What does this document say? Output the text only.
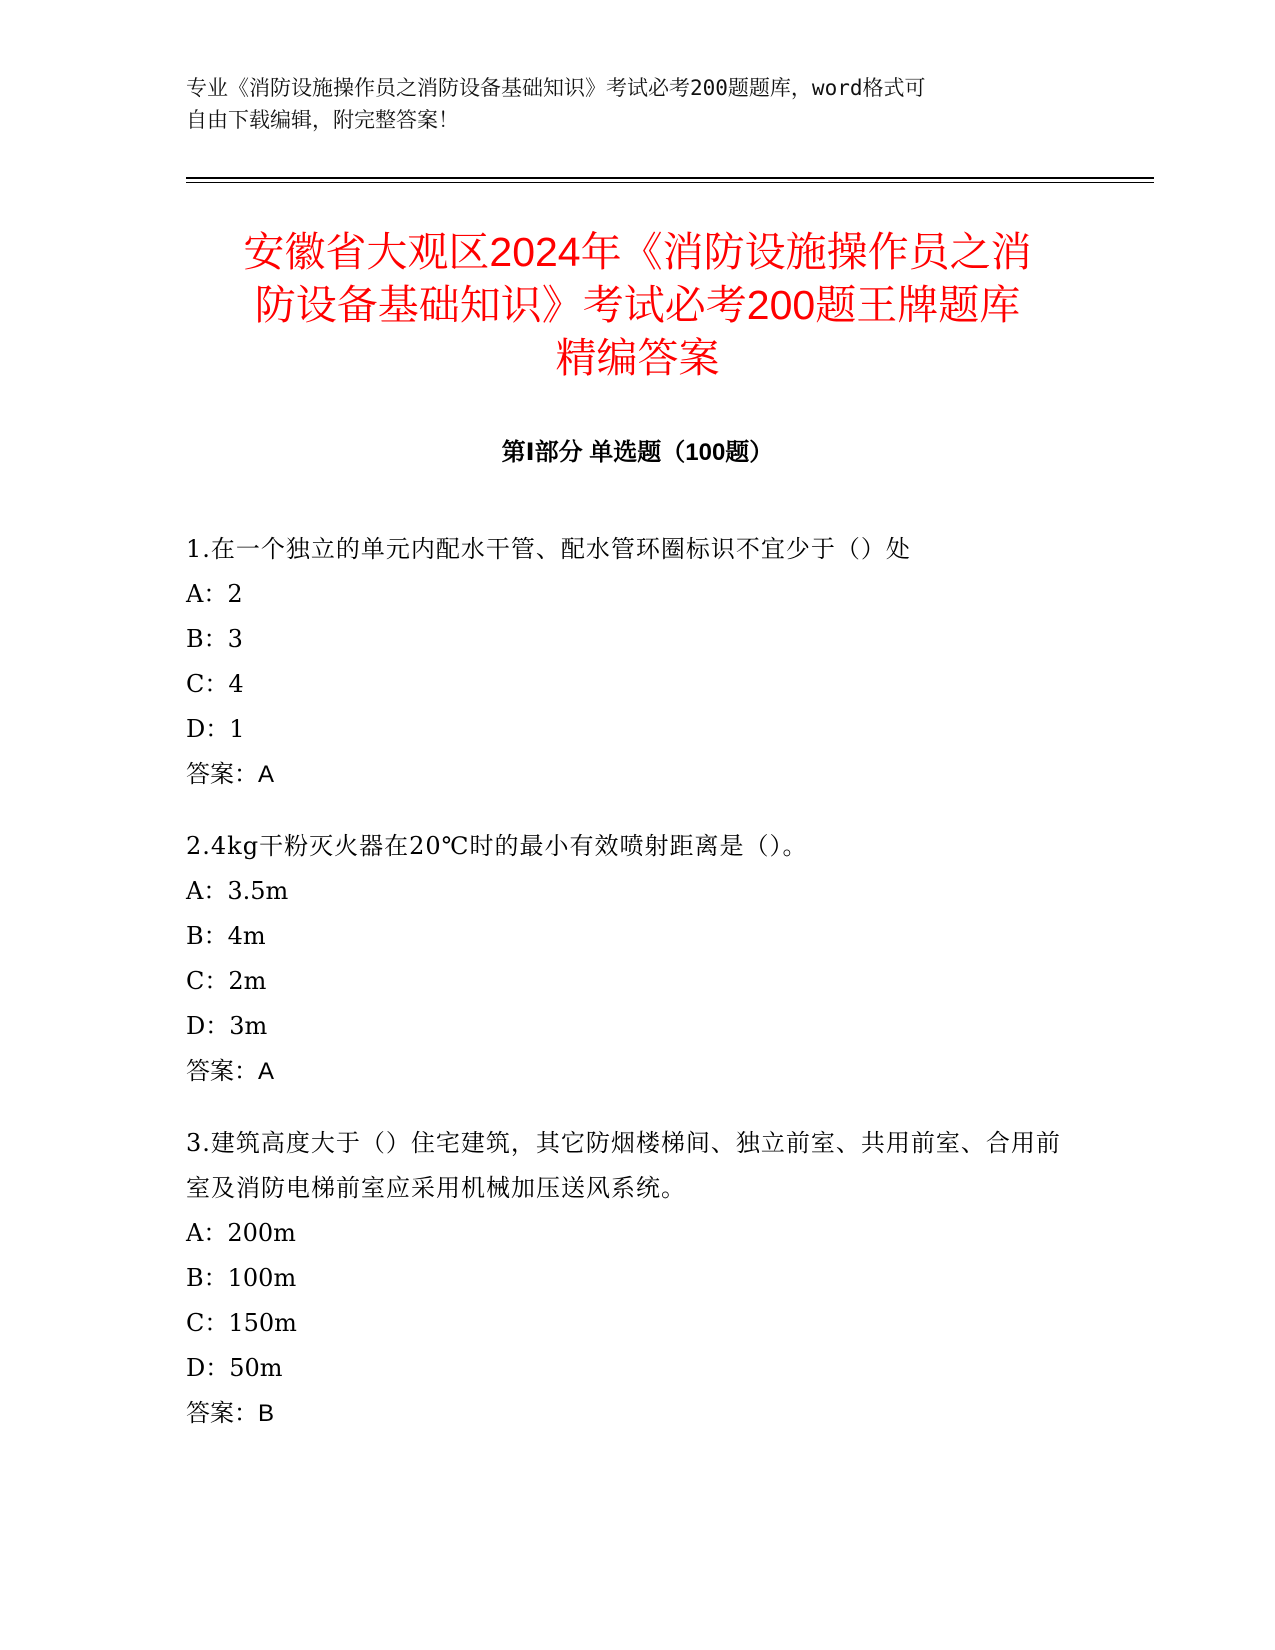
专业《消防设施操作员之消防设备基础知识》考试必考200题题库，word格式可
自由下载编辑，附完整答案！
安徽省大观区2024年《消防设施操作员之消
防设备基础知识》考试必考200题王牌题库
精编答案
第Ⅰ部分 单选题（100题）

1.在一个独立的单元内配水干管、配水管环圈标识不宜少于（）处

A：2

B：3

C：4

D：1

答案：A

2.4kg干粉灭火器在20℃时的最小有效喷射距离是（）。

A：3.5m

B：4m

C：2m

D：3m

答案：A

3.建筑高度大于（）住宅建筑，其它防烟楼梯间、独立前室、共用前室、合用前室及消防电梯前室应采用机械加压送风系统。

A：200m

B：100m

C：150m

D：50m

答案：B
